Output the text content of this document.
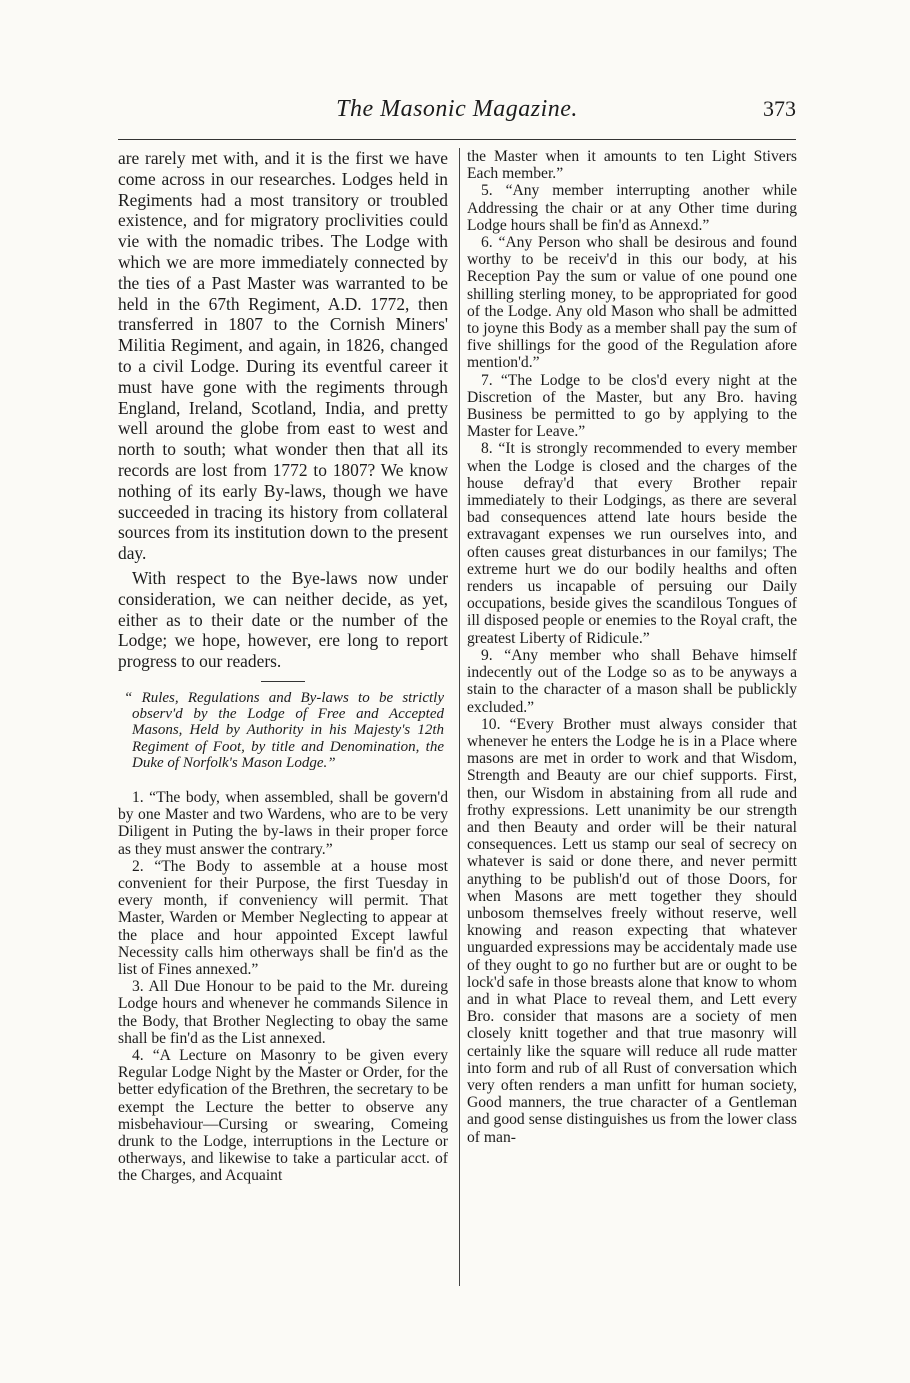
The Masonic Magazine.	373

are rarely met with, and it is the first we have come across in our researches. Lodges held in Regiments had a most transitory or troubled existence, and for migratory proclivities could vie with the nomadic tribes. The Lodge with which we are more immediately connected by the ties of a Past Master was warranted to be held in the 67th Regiment, A.D. 1772, then transferred in 1807 to the Cornish Miners' Militia Regiment, and again, in 1826, changed to a civil Lodge. During its eventful career it must have gone with the regiments through England, Ireland, Scotland, India, and pretty well around the globe from east to west and north to south; what wonder then that all its records are lost from 1772 to 1807? We know nothing of its early By-laws, though we have succeeded in tracing its history from collateral sources from its institution down to the present day.

With respect to the Bye-laws now under consideration, we can neither decide, as yet, either as to their date or the number of the Lodge; we hope, however, ere long to report progress to our readers.

“ Rules, Regulations and By-laws to be strictly observ'd by the Lodge of Free and Accepted Masons, Held by Authority in his Majesty's 12th Regiment of Foot, by title and Denomination, the Duke of Norfolk's Mason Lodge.”

1. “The body, when assembled, shall be govern'd by one Master and two Wardens, who are to be very Diligent in Puting the by-laws in their proper force as they must answer the contrary.”

2. “The Body to assemble at a house most convenient for their Purpose, the first Tuesday in every month, if conveniency will permit. That Master, Warden or Member Neglecting to appear at the place and hour appointed Except lawful Necessity calls him otherways shall be fin'd as the list of Fines annexed.”

3. All Due Honour to be paid to the Mr. dureing Lodge hours and whenever he commands Silence in the Body, that Brother Neglecting to obay the same shall be fin'd as the List annexed.

4. “A Lecture on Masonry to be given every Regular Lodge Night by the Master or Order, for the better edyfication of the Brethren, the secretary to be exempt the Lecture the better to observe any misbehaviour—Cursing or swearing, Comeing drunk to the Lodge, interruptions in the Lecture or otherways, and likewise to take a particular acct. of the Charges, and Acquaint

the Master when it amounts to ten Light Stivers Each member.”

5. “Any member interrupting another while Addressing the chair or at any Other time during Lodge hours shall be fin'd as Annexd.”

6. “Any Person who shall be desirous and found worthy to be receiv'd in this our body, at his Reception Pay the sum or value of one pound one shilling sterling money, to be appropriated for good of the Lodge. Any old Mason who shall be admitted to joyne this Body as a member shall pay the sum of five shillings for the good of the Regulation afore mention'd.”

7. “The Lodge to be clos'd every night at the Discretion of the Master, but any Bro. having Business be permitted to go by applying to the Master for Leave.”

8. “It is strongly recommended to every member when the Lodge is closed and the charges of the house defray'd that every Brother repair immediately to their Lodgings, as there are several bad consequences attend late hours beside the extravagant expenses we run ourselves into, and often causes great disturbances in our familys; The extreme hurt we do our bodily healths and often renders us incapable of persuing our Daily occupations, beside gives the scandilous Tongues of ill disposed people or enemies to the Royal craft, the greatest Liberty of Ridicule.”

9. “Any member who shall Behave himself indecently out of the Lodge so as to be anyways a stain to the character of a mason shall be publickly excluded.”

10. “Every Brother must always consider that whenever he enters the Lodge he is in a Place where masons are met in order to work and that Wisdom, Strength and Beauty are our chief supports. First, then, our Wisdom in abstaining from all rude and frothy expressions. Lett unanimity be our strength and then Beauty and order will be their natural consequences. Lett us stamp our seal of secrecy on whatever is said or done there, and never permitt anything to be publish'd out of those Doors, for when Masons are mett together they should unbosom themselves freely without reserve, well knowing and reason expecting that whatever unguarded expressions may be accidentaly made use of they ought to go no further but are or ought to be lock'd safe in those breasts alone that know to whom and in what Place to reveal them, and Lett every Bro. consider that masons are a society of men closely knitt together and that true masonry will certainly like the square will reduce all rude matter into form and rub of all Rust of conversation which very often renders a man unfitt for human society, Good manners, the true character of a Gentleman and good sense distinguishes us from the lower class of man-
